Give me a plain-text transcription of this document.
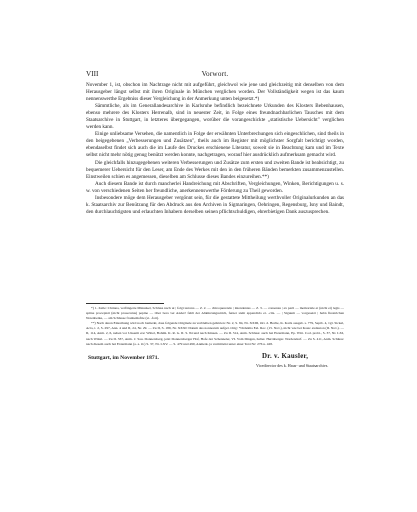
VIII	Vorwort.

November 1, ist, obschon im Nachtrage nicht mit aufgeführt, gleichwol wie jene und gleichzeitig mit denselben von dem Herausgeber längst selbst mit ihren Originale in München verglichen worden. Der Vollständigkeit wegen ist das kaum nennenswerthe Ergebniss dieser Vergleichung in der Anmerkung unten beigesetzt.*)

Sämmtliche, als im Generallandesarchive in Karlsruhe befindlich bezeichnete Urkunden des Klosters Bebenhausen, ebenso mehrere des Klosters Herrenalb, sind in neuester Zeit, in Folge eines freundnachbarlichen Tausches mit dem Staatsarchive in Stuttgart, in letzteres übergegangen, worüber die vorangeschickte „statistische Uebersicht" verglichen werden kann.

Einige unliebsame Versehen, die namentlich in Folge der erwähnten Unterbrechungen sich eingeschlichen, sind theils in den beigegebenen „Verbesserungen und Zusätzen", theils auch im Register mit möglichster Sorgfalt berichtigt worden, ebendaselbst findet sich auch die im Laufe des Druckes erschienene Literatur, soweit sie in Beachtung kam und im Texte selbst nicht mehr nötig genug benützt werden konnte, nachgetragen, worauf hier ausdrücklich aufmerksam gemacht wird.

Die gleichfalls hinzugegebenen weiteren Verbesserungen und Zusätze zum ersten und zweiten Bande ist beabsichtigt, zu bequemerer Uebersicht für den Leser, am Ende des Werkes mit den in den früheren Bänden bemerkten zusammenzustellen. Einstweilen schien es angemessen, dieselben am Schlusse dieses Bandes einzureihen.**)

Auch diesem Bande ist durch mancherlei Handreichung mit Abschriften, Vergleichungen, Winken, Berichtigungen u. s. w. von verschiedenen Seiten her freundliche, anerkennenswerthe Förderung zu Theil geworden.

Insbesondere möge dem Herausgeber vergönnt sein, für die gestattete Mittheilung werthvoller Originalurkunden an das k. Staatsarchiv zur Benützung für den Abdruck aus den Archiven in Sigmaringen, Oehringen, Regensburg, Isny und Baindt, den durchlauchtigsten und erlauchten Inhabern derselben seinen pflichtschuldigen, ehrerbietigen Dank auszusprechen.

*) 1. Zeile: Chriana, verfängerte Minuskel, Schluss nach ut | folgt terrena — Z. 2. — chiroquerendo | intendentes — Z. 3. — consensu | ex parti — memoriale et (nicht et) legis — spitne procepisti (nicht prosecutus) pepine — tiber bera ver Ander! fehlt der Abkürzungsstrich, ferner steht appendicis et. -ciis. — | Siguum — vorgesetzt | habn firestrichen Notenbeike, — am Schlusse fronhemsfrie (st. -fort).

**) Nach deren Einreihung wird noch bemerkt, dass folgende Originale zu verbleiben gehörten: Nr. 2, S. 84, Nr. XXIII, Orr. d. Herlie, K. Karls ausgeb. s. 779, Septb. 4, vgl. Sickel, Acta, t. 2, S. 297, Ann. 4 und II, 24, Nr. 29. — Zu II, S. 189, Nr. XXXI: Datum des nonnorum aufgel. Orig: *Ordeima Eel. Rec. (15. Nov.), nicht wie bei Kaus: exdauton (II. Nov.). — II, 114, Anm. 2, 6, neben vor Unserm ere: Wittel, Bohmi. K. R. G. II. S. 84 und nach Kinsen. — Zu II. 314, Anm. Schluss: auch bei Etzermann, Ep. Wirt. Cod. probi., S. 37, Nr. LXI, nach Wittel. — Zu II. 337, Anm. 1: Sau. Donnersberg, jetzt Donnersberger Hof, Hofe der Schenneler, VI. Vom Dingen, halter. Herrnberger. Nordendorf. — Zu S. 411, Anm. Schluss: nach diesem auch bei Extermann (a. a. O.) S. 37, Nr. LXV. — S. 479 und 490, Anmerk. ja vermittelst unter einer Text Nr: 276 u. 428.

Stuttgart, im November 1871.	Dr. v. Kausler,
Vicedirector des k. Haus- und Staatsarchivs.
